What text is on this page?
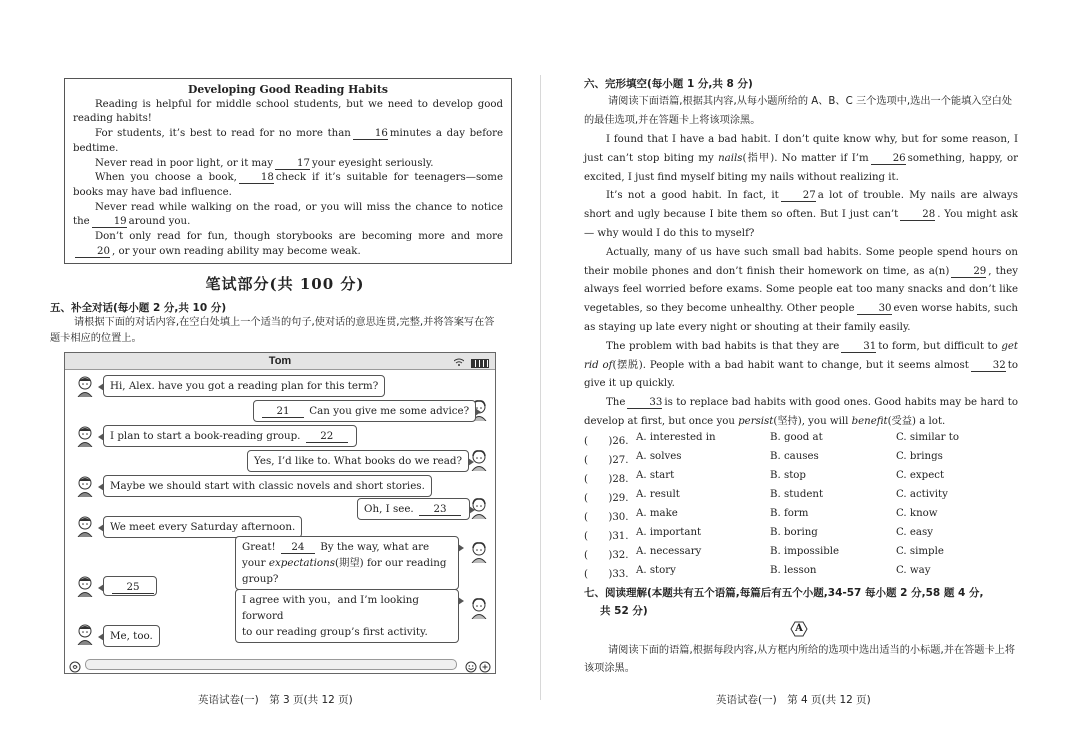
Developing Good Reading Habits

Reading is helpful for middle school students, but we need to develop good reading habits!

For students, it’s best to read for no more than 16 minutes a day before bedtime.

Never read in poor light, or it may 17 your eyesight seriously.

When you choose a book, 18 check if it’s suitable for teenagers—some books may have bad influence.

Never read while walking on the road, or you will miss the chance to notice the 19 around you.

Don’t only read for fun, though storybooks are becoming more and more20 , or your own reading ability may become weak.

笔试部分(共 100 分)
五、补全对话(每小题 2 分,共 10 分)
请根据下面的对话内容,在空白处填上一个适当的句子,使对话的意思连贯,完整,并将答案写在答题卡相应的位置上。
Tom

Hi, Alex. have you got a reading plan for this term?
21 Can you give me some advice?
I plan to start a book-reading group. 22
Yes, I’d like to. What books do we read?
Maybe we should start with classic novels and short stories.
Oh, I see. 23
We meet every Saturday afternoon.
Great! 24 By the way, what are your expectations(期望) for our reading group?
25
I agree with you，and I’m looking forword
to our reading group’s first activity.
Me, too.
英语试卷(一)　第 3 页(共 12 页)
六、完形填空(每小题 1 分,共 8 分)
请阅读下面语篇,根据其内容,从每小题所给的 A、B、C 三个选项中,选出一个能填入空白处的最佳选项,并在答题卡上将该项涂黑。

I found that I have a bad habit. I don’t quite know why, but for some reason, I just can’t stop biting my nails(指甲). No matter if I’m 26 something, happy, or excited, I just find myself biting my nails without realizing it.

It’s not a good habit. In fact, it 27 a lot of trouble. My nails are always short and ugly because I bite them so often. But I just can’t 28 . You might ask — why would I do this to myself?

Actually, many of us have such small bad habits. Some people spend hours on their mobile phones and don’t finish their homework on time, as a(n) 29 , they always feel worried before exams. Some people eat too many snacks and don’t like vegetables, so they become unhealthy. Other people 30 even worse habits, such as staying up late every night or shouting at their family easily.

The problem with bad habits is that they are 31 to form, but difficult to get rid of(摆脱). People with a bad habit want to change, but it seems almost 32 to give it up quickly.

The 33 is to replace bad habits with good ones. Good habits may be hard to develop at first, but once you persist(坚持), you will benefit(受益) a lot.

(　　)26. A. interested in	B. good at	C. similar to
(　　)27. A. solves	B. causes	C. brings
(　　)28. A. start	B. stop	C. expect
(　　)29. A. result	B. student	C. activity
(　　)30. A. make	B. form	C. know
(　　)31. A. important	B. boring	C. easy
(　　)32. A. necessary	B. impossible	C. simple
(　　)33. A. story	B. lesson	C. way
七、阅读理解(本题共有五个语篇,每篇后有五个小题,34-57 每小题 2 分,58 题 4 分,
共 52 分)
A
请阅读下面的语篇,根据每段内容,从方框内所给的选项中选出适当的小标题,并在答题卡上将该项涂黑。
英语试卷(一)　第 4 页(共 12 页)
